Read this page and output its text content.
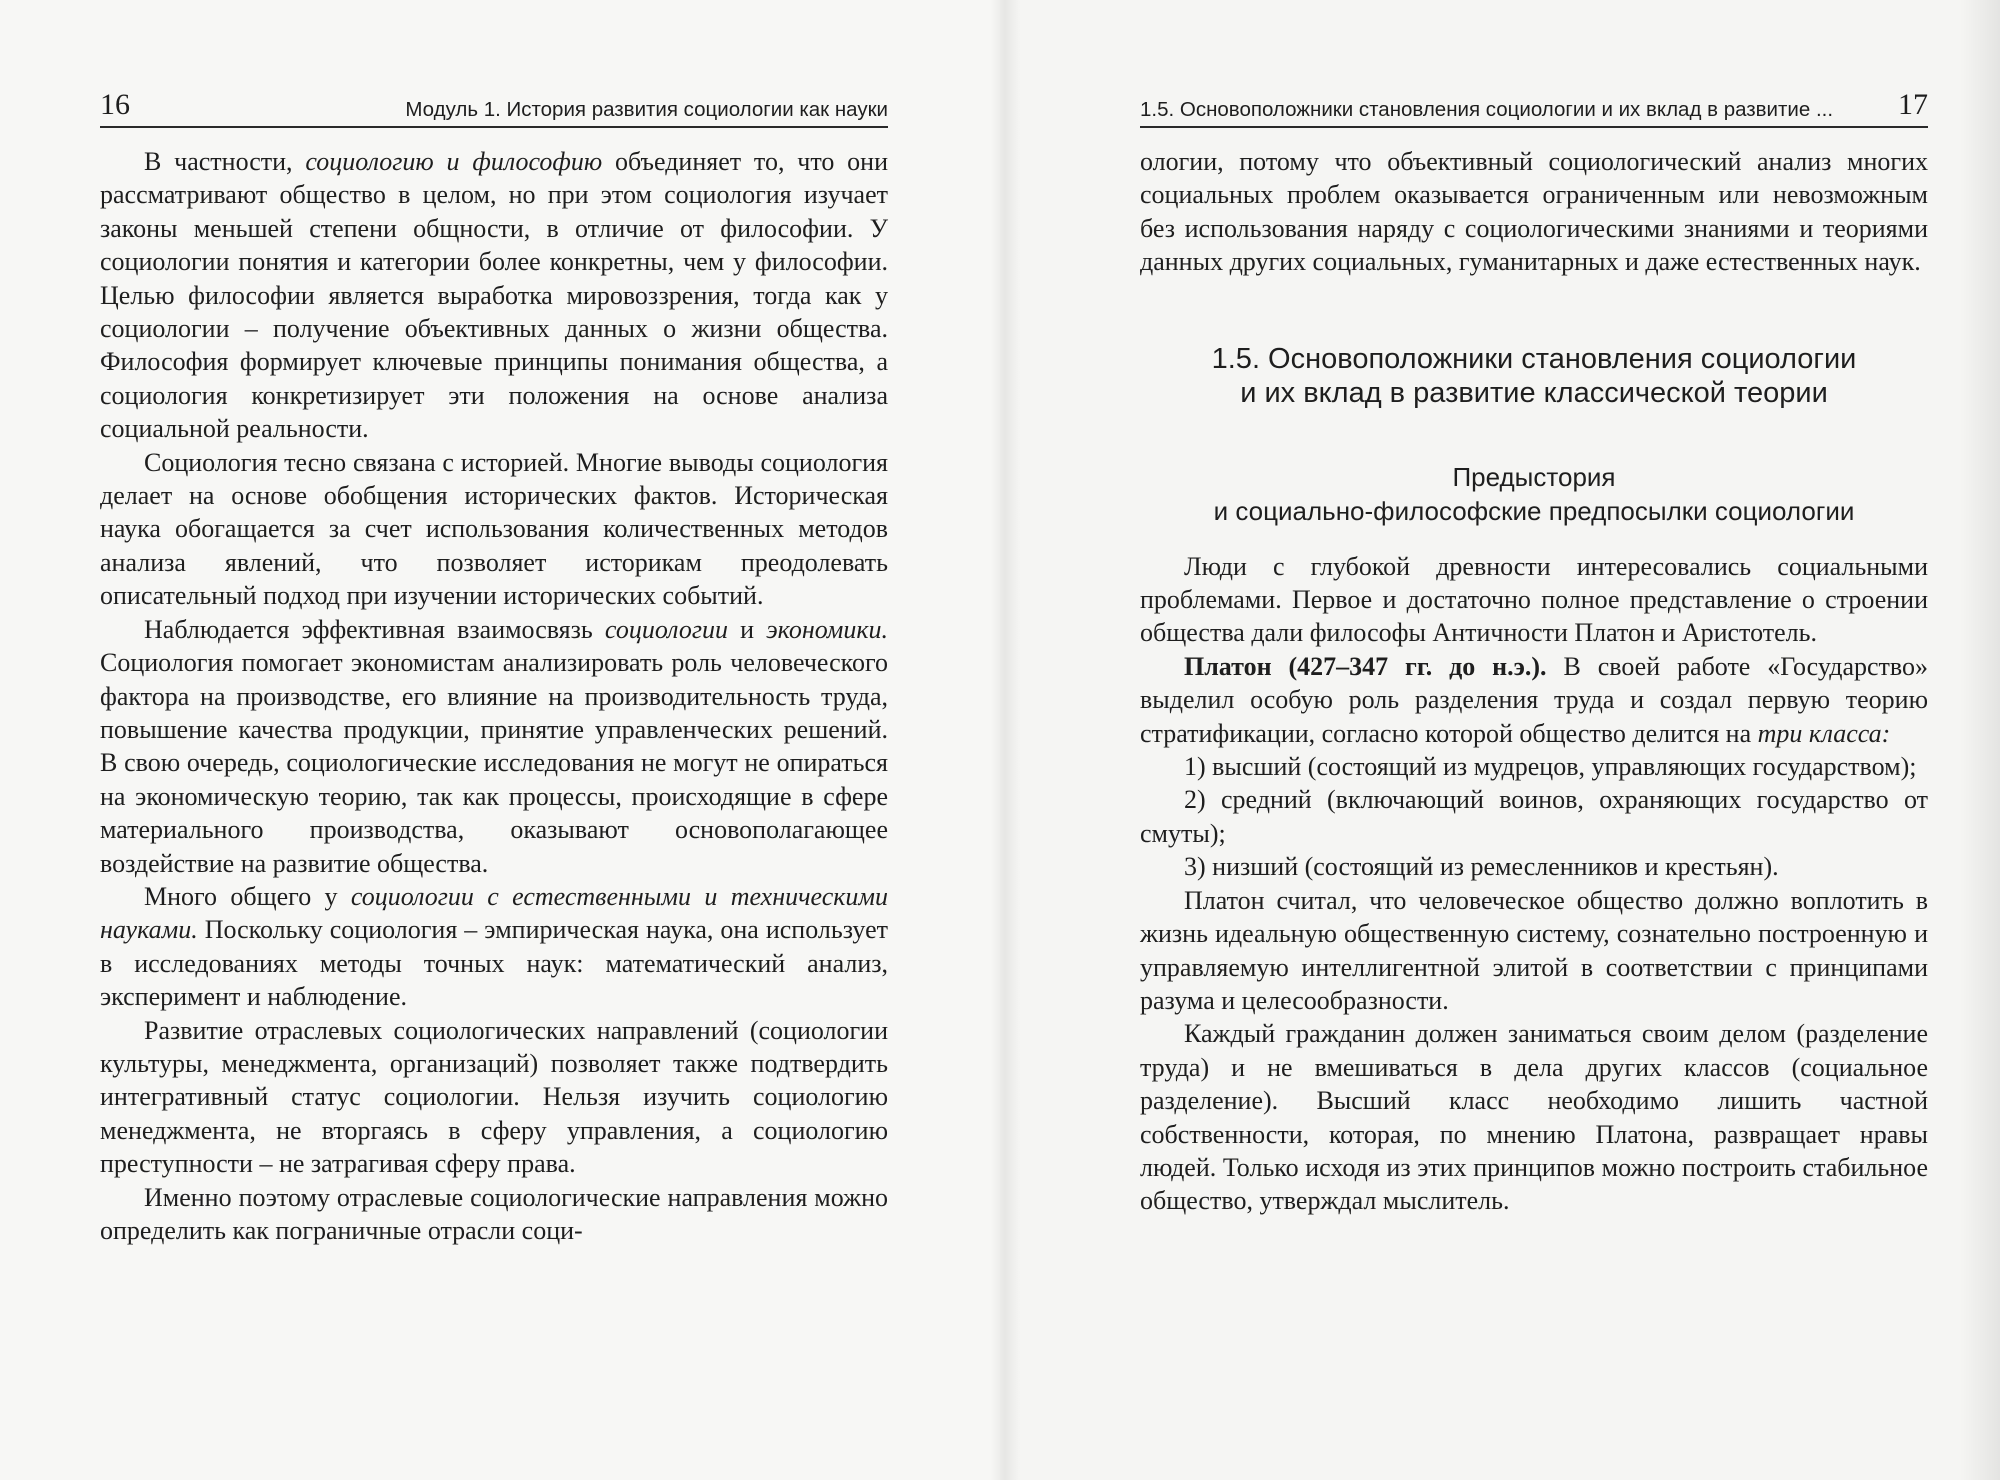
16	Модуль 1. История развития социологии как науки

В частности, социологию и философию объединяет то, что они рассматривают общество в целом, но при этом социология изучает законы меньшей степени общности, в отличие от философии. У социологии понятия и категории более конкретны, чем у философии. Целью философии является выработка мировоззрения, тогда как у социологии – получение объективных данных о жизни общества. Философия формирует ключевые принципы понимания общества, а социология конкретизирует эти положения на основе анализа социальной реальности.

Социология тесно связана с историей. Многие выводы социология делает на основе обобщения исторических фактов. Историческая наука обогащается за счет использования количественных методов анализа явлений, что позволяет историкам преодолевать описательный подход при изучении исторических событий.

Наблюдается эффективная взаимосвязь социологии и экономики. Социология помогает экономистам анализировать роль человеческого фактора на производстве, его влияние на производительность труда, повышение качества продукции, принятие управленческих решений. В свою очередь, социологические исследования не могут не опираться на экономическую теорию, так как процессы, происходящие в сфере материального производства, оказывают основополагающее воздействие на развитие общества.

Много общего у социологии с естественными и техническими науками. Поскольку социология – эмпирическая наука, она использует в исследованиях методы точных наук: математический анализ, эксперимент и наблюдение.

Развитие отраслевых социологических направлений (социологии культуры, менеджмента, организаций) позволяет также подтвердить интегративный статус социологии. Нельзя изучить социологию менеджмента, не вторгаясь в сферу управления, а социологию преступности – не затрагивая сферу права.

Именно поэтому отраслевые социологические направления можно определить как пограничные отрасли соци-

1.5. Основоположники становления социологии и их вклад в развитие ... 17

ологии, потому что объективный социологический анализ многих социальных проблем оказывается ограниченным или невозможным без использования наряду с социологическими знаниями и теориями данных других социальных, гуманитарных и даже естественных наук.

1.5. Основоположники становления социологии
и их вклад в развитие классической теории
Предыстория
и социально-философские предпосылки социологии

Люди с глубокой древности интересовались социальными проблемами. Первое и достаточно полное представление о строении общества дали философы Античности Платон и Аристотель.

Платон (427–347 гг. до н.э.). В своей работе «Государство» выделил особую роль разделения труда и создал первую теорию стратификации, согласно которой общество делится на три класса:

1) высший (состоящий из мудрецов, управляющих государством);

2) средний (включающий воинов, охраняющих государство от смуты);

3) низший (состоящий из ремесленников и крестьян).

Платон считал, что человеческое общество должно воплотить в жизнь идеальную общественную систему, сознательно построенную и управляемую интеллигентной элитой в соответствии с принципами разума и целесообразности.

Каждый гражданин должен заниматься своим делом (разделение труда) и не вмешиваться в дела других классов (социальное разделение). Высший класс необходимо лишить частной собственности, которая, по мнению Платона, развращает нравы людей. Только исходя из этих принципов можно построить стабильное общество, утверждал мыслитель.
